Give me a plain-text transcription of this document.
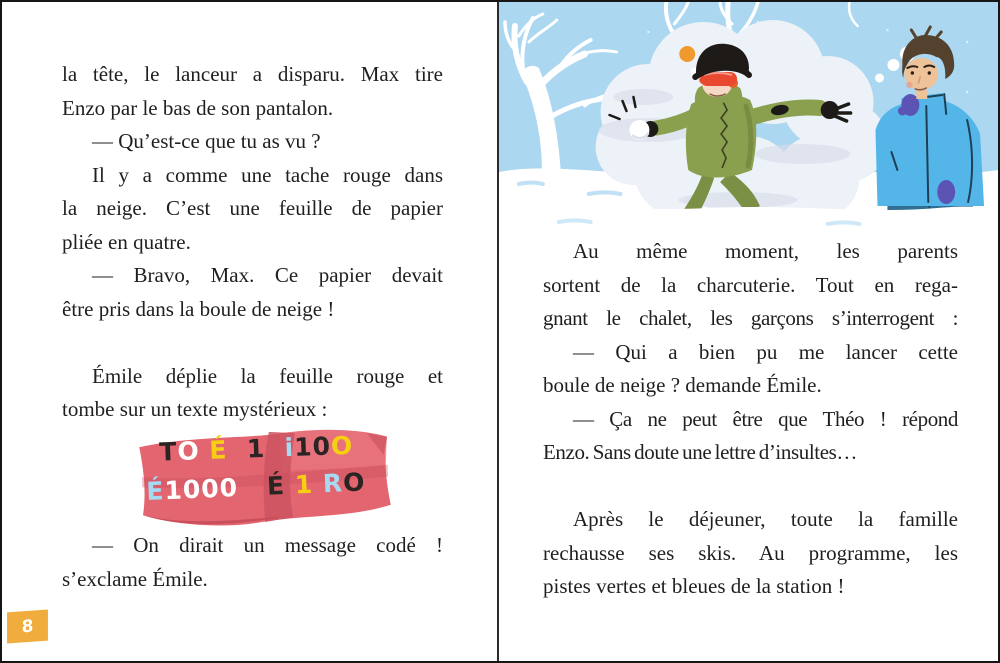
la tête, le lanceur a disparu. Max tire
Enzo par le bas de son pantalon.
— Qu’est-ce que tu as vu ?
Il y a comme une tache rouge dans
la neige. C’est une feuille de papier
pliée en quatre.
— Bravo, Max. Ce papier devait
être pris dans la boule de neige !
Émile déplie la feuille rouge et
tombe sur un texte mystérieux :
TO É 1 i10O
É1000 É 1 RO
— On dirait un message codé !
s’exclame Émile.
8
Au même moment, les parents
sortent de la charcuterie. Tout en rega-
gnant le chalet, les garçons s’interrogent :
— Qui a bien pu me lancer cette
boule de neige ? demande Émile.
— Ça ne peut être que Théo ! répond
Enzo. Sans doute une lettre d’insultes…
Après le déjeuner, toute la famille
rechausse ses skis. Au programme, les
pistes vertes et bleues de la station !
